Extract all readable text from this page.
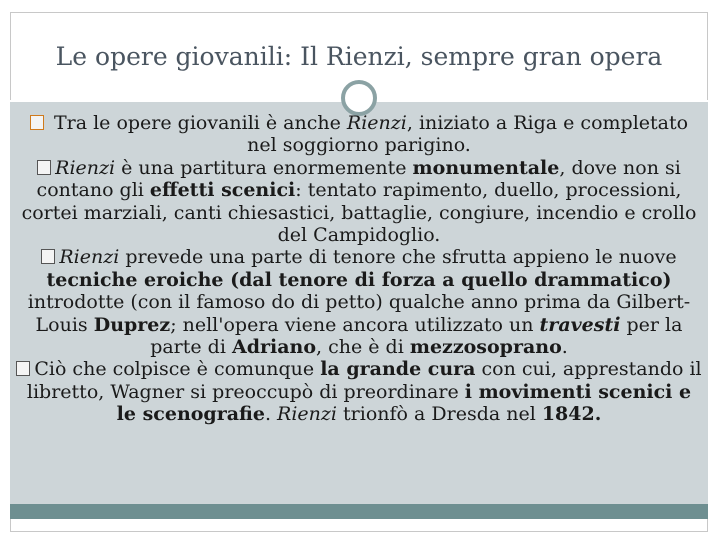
Le opere giovanili: Il Rienzi, sempre gran opera

Tra le opere giovanili è anche Rienzi, iniziato a Riga e completato nel soggiorno parigino.

Rienzi è una partitura enormemente monumentale, dove non si contano gli effetti scenici: tentato rapimento, duello, processioni, cortei marziali, canti chiesastici, battaglie, congiure, incendio e crollo del Campidoglio.

Rienzi prevede una parte di tenore che sfrutta appieno le nuove tecniche eroiche (dal tenore di forza a quello drammatico) introdotte (con il famoso do di petto) qualche anno prima da Gilbert-Louis Duprez; nell'opera viene ancora utilizzato un travesti per la parte di Adriano, che è di mezzosoprano.

Ciò che colpisce è comunque la grande cura con cui, apprestando il libretto, Wagner si preoccupò di preordinare i movimenti scenici e le scenografie. Rienzi trionfò a Dresda nel 1842.
